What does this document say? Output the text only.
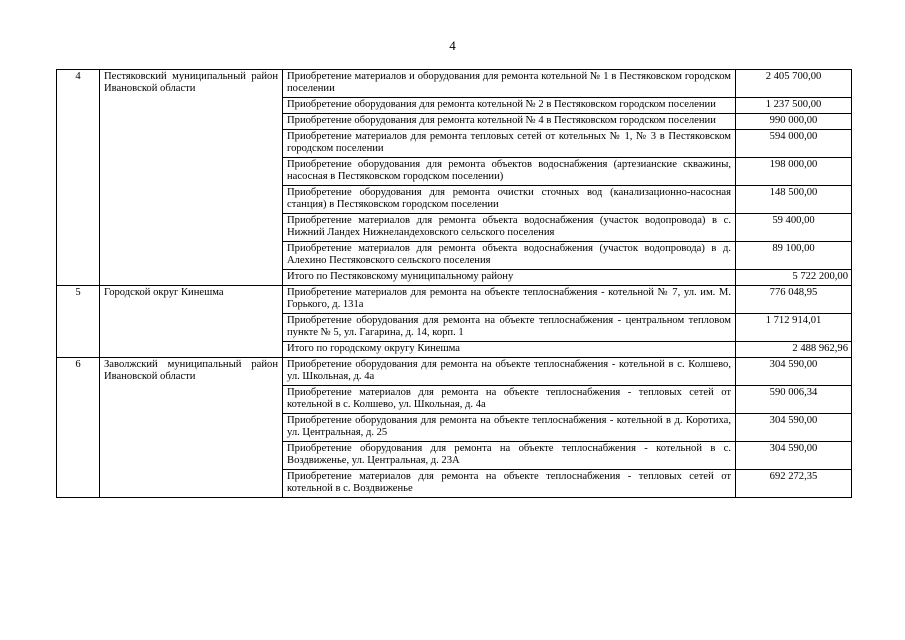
4
4	Пестяковский муниципальный район Ивановской области	Приобретение материалов и оборудования для ремонта котельной № 1 в Пестяковском городском поселении	2 405 700,00
		Приобретение оборудования для ремонта котельной № 2 в Пестяковском городском поселении	1 237 500,00
		Приобретение оборудования для ремонта котельной № 4 в Пестяковском городском поселении	990 000,00
		Приобретение материалов для ремонта тепловых сетей от котельных № 1, № 3 в Пестяковском городском поселении	594 000,00
		Приобретение оборудования для ремонта объектов водоснабжения (артезианские скважины, насосная в Пестяковском городском поселении)	198 000,00
		Приобретение оборудования для ремонта очистки сточных вод (канализационно-насосная станция) в Пестяковском городском поселении	148 500,00
		Приобретение материалов для ремонта объекта водоснабжения (участок водопровода) в с. Нижний Ландех Нижнеландеховского сельского поселения	59 400,00
		Приобретение материалов для ремонта объекта водоснабжения (участок водопровода) в д. Алехино Пестяковского сельского поселения	89 100,00
		Итого по Пестяковскому муниципальному району	5 722 200,00
5	Городской округ Кинешма	Приобретение материалов для ремонта на объекте теплоснабжения - котельной № 7, ул. им. М. Горького, д. 131а	776 048,95
		Приобретение оборудования для ремонта на объекте теплоснабжения - центральном тепловом пункте № 5, ул. Гагарина, д. 14, корп. 1	1 712 914,01
		Итого по городскому округу Кинешма	2 488 962,96
6	Заволжский муниципальный район Ивановской области	Приобретение оборудования для ремонта на объекте теплоснабжения - котельной в с. Колшево, ул. Школьная, д. 4а	304 590,00
		Приобретение материалов для ремонта на объекте теплоснабжения - тепловых сетей от котельной в с. Колшево, ул. Школьная, д. 4а	590 006,34
		Приобретение оборудования для ремонта на объекте теплоснабжения - котельной в д. Коротиха, ул. Центральная, д. 25	304 590,00
		Приобретение оборудования для ремонта на объекте теплоснабжения - котельной в с. Воздвиженье, ул. Центральная, д. 23А	304 590,00
		Приобретение материалов для ремонта на объекте теплоснабжения - тепловых сетей от котельной в с. Воздвиженье	692 272,35
